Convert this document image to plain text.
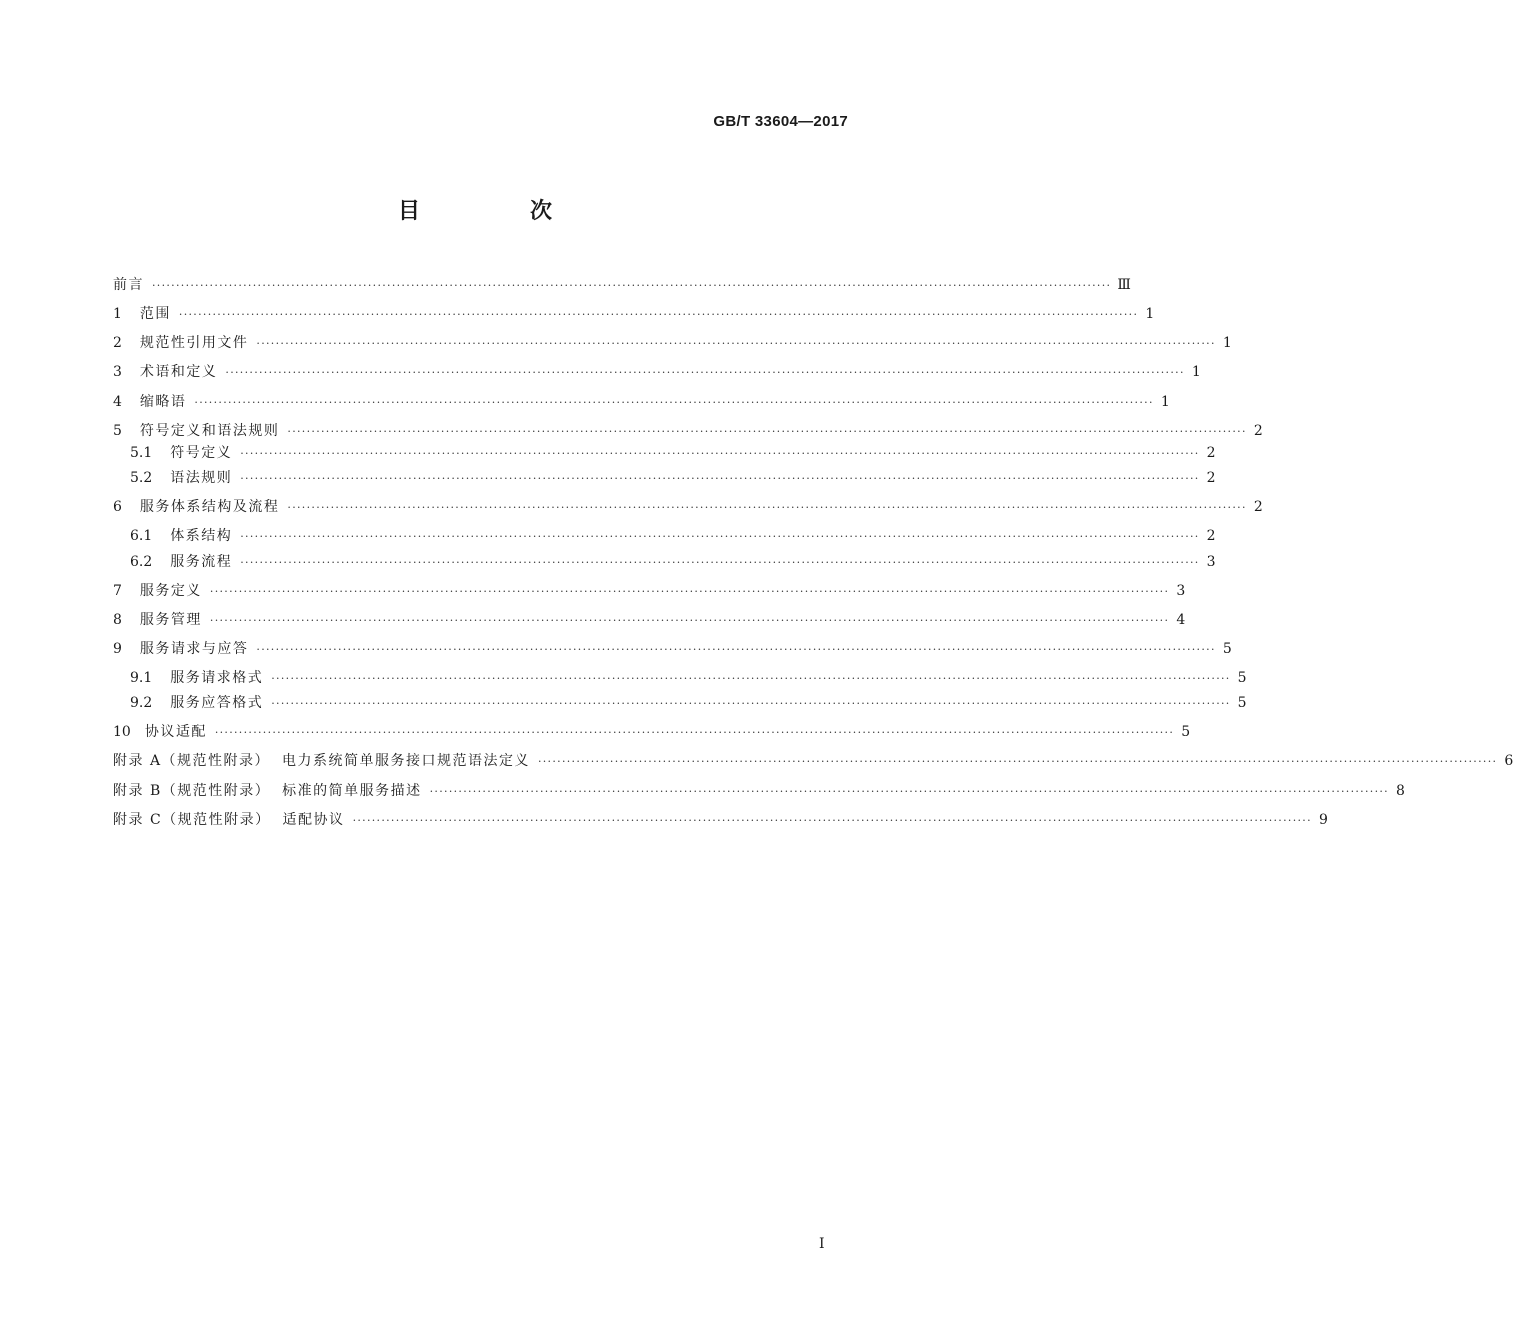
GB/T 33604—2017
目　次
前言 ········································································································································································································ Ⅲ
1 范围 ········································································································································································································ 1
2 规范性引用文件 ········································································································································································································ 1
3 术语和定义 ········································································································································································································ 1
4 缩略语 ········································································································································································································ 1
5 符号定义和语法规则 ········································································································································································································ 2
5.1 符号定义 ········································································································································································································ 2
5.2 语法规则 ········································································································································································································ 2
6 服务体系结构及流程 ········································································································································································································ 2
6.1 体系结构 ········································································································································································································ 2
6.2 服务流程 ········································································································································································································ 3
7 服务定义 ········································································································································································································ 3
8 服务管理 ········································································································································································································ 4
9 服务请求与应答 ········································································································································································································ 5
9.1 服务请求格式 ········································································································································································································ 5
9.2 服务应答格式 ········································································································································································································ 5
10 协议适配 ········································································································································································································ 5
附录 A（规范性附录）  电力系统简单服务接口规范语法定义 ········································································································································································································ 6
附录 B（规范性附录）  标准的简单服务描述 ········································································································································································································ 8
附录 C（规范性附录）  适配协议 ········································································································································································································ 9
Ⅰ
